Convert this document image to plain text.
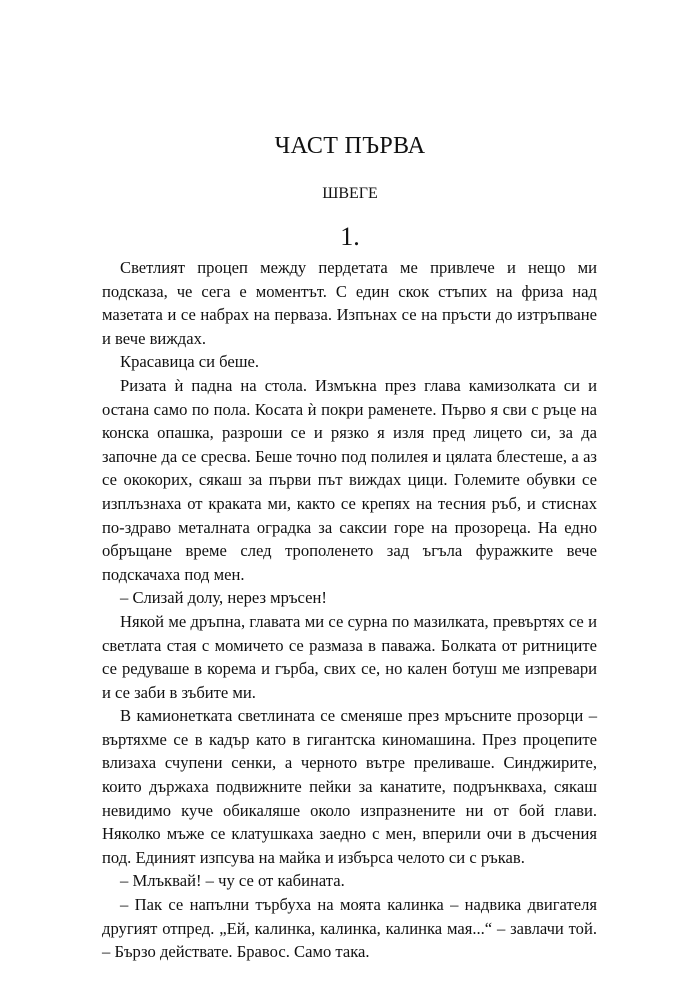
ЧАСТ ПЪРВА
ШВЕГЕ
1.

Светлият процеп между пердетата ме привлече и нещо ми подсказа, че сега е моментът. С един скок стъпих на фриза над мазетата и се набрах на перваза. Изпънах се на пръсти до изтръпване и вече виждах.

Красавица си беше.

Ризата ѝ падна на стола. Измъкна през глава камизолката си и остана само по пола. Косата ѝ покри раменете. Първо я сви с ръце на конска опашка, разроши се и рязко я изля пред лицето си, за да започне да се сресва. Беше точно под полилея и цялата блестеше, а аз се ококорих, сякаш за първи път виждах цици. Големите обувки се изплъзнаха от краката ми, както се крепях на тесния ръб, и стиснах по-здраво металната оградка за саксии горе на прозореца. На едно обръщане време след трополенето зад ъгъла фуражките вече подскачаха под мен.

– Слизай долу, нерез мръсен!

Някой ме дръпна, главата ми се сурна по мазилката, превъртях се и светлата стая с момичето се размаза в паважа. Болката от ритниците се редуваше в корема и гърба, свих се, но кален ботуш ме изпревари и се заби в зъбите ми.

В камионетката светлината се сменяше през мръсните прозорци – въртяхме се в кадър като в гигантска киномашина. През процепите влизаха счупени сенки, а черното вътре преливаше. Синджирите, които държаха подвижните пейки за канатите, подрънкваха, сякаш невидимо куче обикаляше около изпразнените ни от бой глави. Няколко мъже се клатушкаха заедно с мен, вперили очи в дъсчения под. Единият изпсува на майка и избърса челото си с ръкав.

– Млъквай! – чу се от кабината.

– Пак се напълни търбуха на моята калинка – надвика двигателя другият отпред. „Ей, калинка, калинка, калинка мая...“ – завлачи той. – Бързо действате. Бравос. Само така.
